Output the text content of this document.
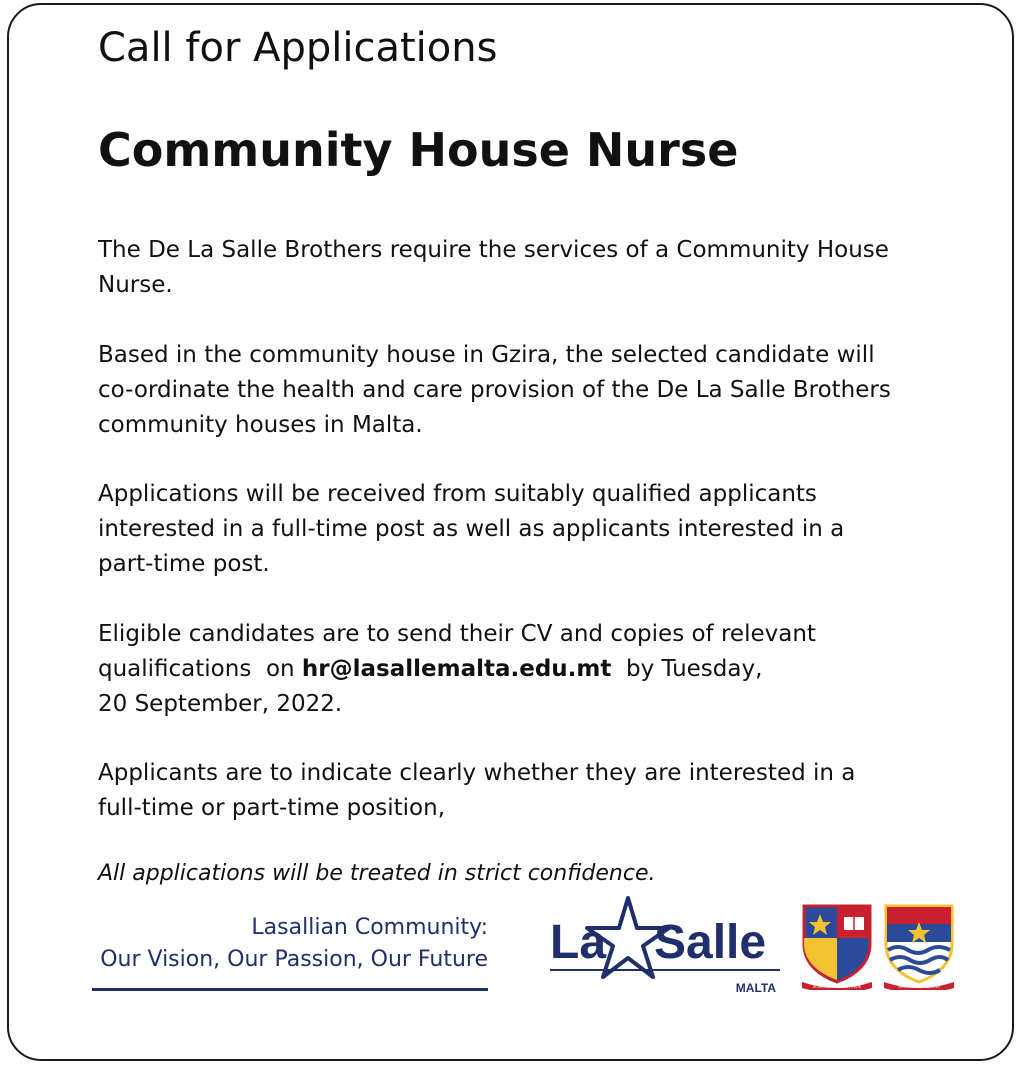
Call for Applications
Community House Nurse

The De La Salle Brothers require the services of a Community House

Nurse.

Based in the community house in Gzira, the selected candidate will

co-ordinate the health and care provision of the De La Salle Brothers

community houses in Malta.

Applications will be received from suitably qualified applicants

interested in a full-time post as well as applicants interested in a

part-time post.

Eligible candidates are to send their CV and copies of relevant

qualifications  on hr@lasallemalta.edu.mt  by Tuesday,

20 September, 2022.

Applicants are to indicate clearly whether they are interested in a

full-time or part-time position,

All applications will be treated in strict confidence.
Lasallian Community:
Our Vision, Our Passion, Our Future La Salle
MALTA	SCIENTIA VALIDA FIDE	MEMOR ET FIDELIS
